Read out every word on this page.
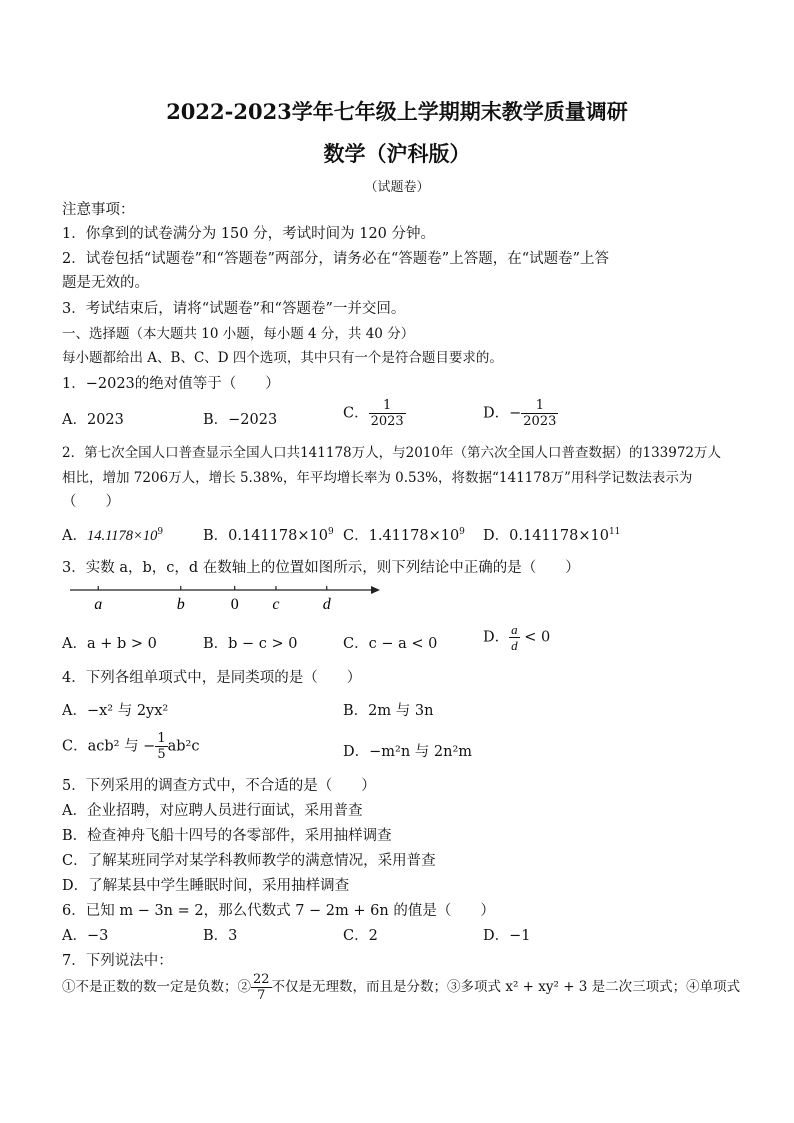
2022-2023学年七年级上学期期末教学质量调研
数学（沪科版）
（试题卷）
注意事项：
1．你拿到的试卷满分为 150 分，考试时间为 120 分钟。
2．试卷包括“试题卷”和“答题卷”两部分，请务必在“答题卷”上答题，在“试题卷”上答
题是无效的。
3．考试结束后，请将“试题卷”和“答题卷”一并交回。
一、选择题（本大题共 10 小题，每小题 4 分，共 40 分）
每小题都给出 A、B、C、D 四个选项，其中只有一个是符合题目要求的。
1．−2023的绝对值等于（　　）
A．2023	B．−2023	C． $\frac{1}{2023}$	D．− $\frac{1}{2023}$
2．第七次全国人口普查显示全国人口共141178万人，与2010年（第六次全国人口普查数据）的133972万人
相比，增加 7206万人，增长 5.38%，年平均增长率为 0.53%，将数据“141178万”用科学记数法表示为
（　　）
A．$14.1178\times 10^9$	B．$0.141178\times 10^9$ C．$1.41178\times 10^9$ D．$0.141178\times 10^{11}$
3．实数 a，b，c，d 在数轴上的位置如图所示，则下列结论中正确的是（　　）
a	b	0 c	d
A．a + b > 0	B．b − c > 0	C．c − a < 0	D． $\frac{a}{d} < 0$
4．下列各组单项式中，是同类项的是（　　）
A．−x² 与 2yx²	B．2m 与 3n
C．acb² 与 − $\frac{1}{5} ab^2c$	D．−m²n 与 2n²m
5．下列采用的调查方式中，不合适的是（　　）
A．企业招聘，对应聘人员进行面试，采用普查
B．检查神舟飞船十四号的各零部件，采用抽样调查
C．了解某班同学对某学科教师教学的满意情况，采用普查
D．了解某县中学生睡眠时间，采用抽样调查
6．已知 m − 3n = 2，那么代数式 7 − 2m + 6n 的值是（　　）
A．−3	B．3	C．2	D．−1
7．下列说法中：
①不是正数的数一定是负数；② $\frac{22}{7}$ 不仅是无理数，而且是分数；③多项式 x² + xy² + 3 是二次三项式；④单项式
